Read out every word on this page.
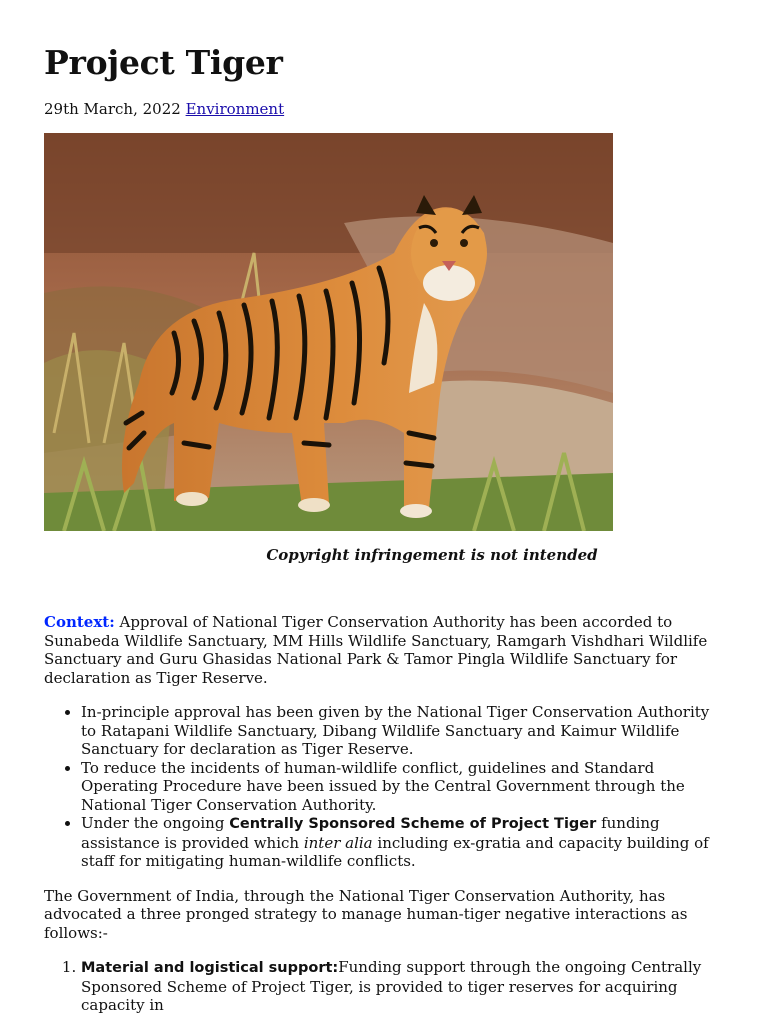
Project Tiger
29th March, 2022 Environment
Copyright infringement is not intended

Context: Approval of National Tiger Conservation Authority has been accorded to Sunabeda Wildlife Sanctuary, MM Hills Wildlife Sanctuary, Ramgarh Vishdhari Wildlife Sanctuary and Guru Ghasidas National Park & Tamor Pingla Wildlife Sanctuary for declaration as Tiger Reserve.

• In-principle approval has been given by the National Tiger Conservation Authority to Ratapani Wildlife Sanctuary, Dibang Wildlife Sanctuary and Kaimur Wildlife Sanctuary for declaration as Tiger Reserve.
• To reduce the incidents of human-wildlife conflict, guidelines and Standard Operating Procedure have been issued by the Central Government through the National Tiger Conservation Authority.
• Under the ongoing Centrally Sponsored Scheme of Project Tiger funding assistance is provided which inter alia including ex-gratia and capacity building of staff for mitigating human-wildlife conflicts.

The Government of India, through the National Tiger Conservation Authority, has advocated a three pronged strategy to manage human-tiger negative interactions as follows:-

1. Material and logistical support:Funding support through the ongoing Centrally Sponsored Scheme of Project Tiger, is provided to tiger reserves for acquiring capacity in
